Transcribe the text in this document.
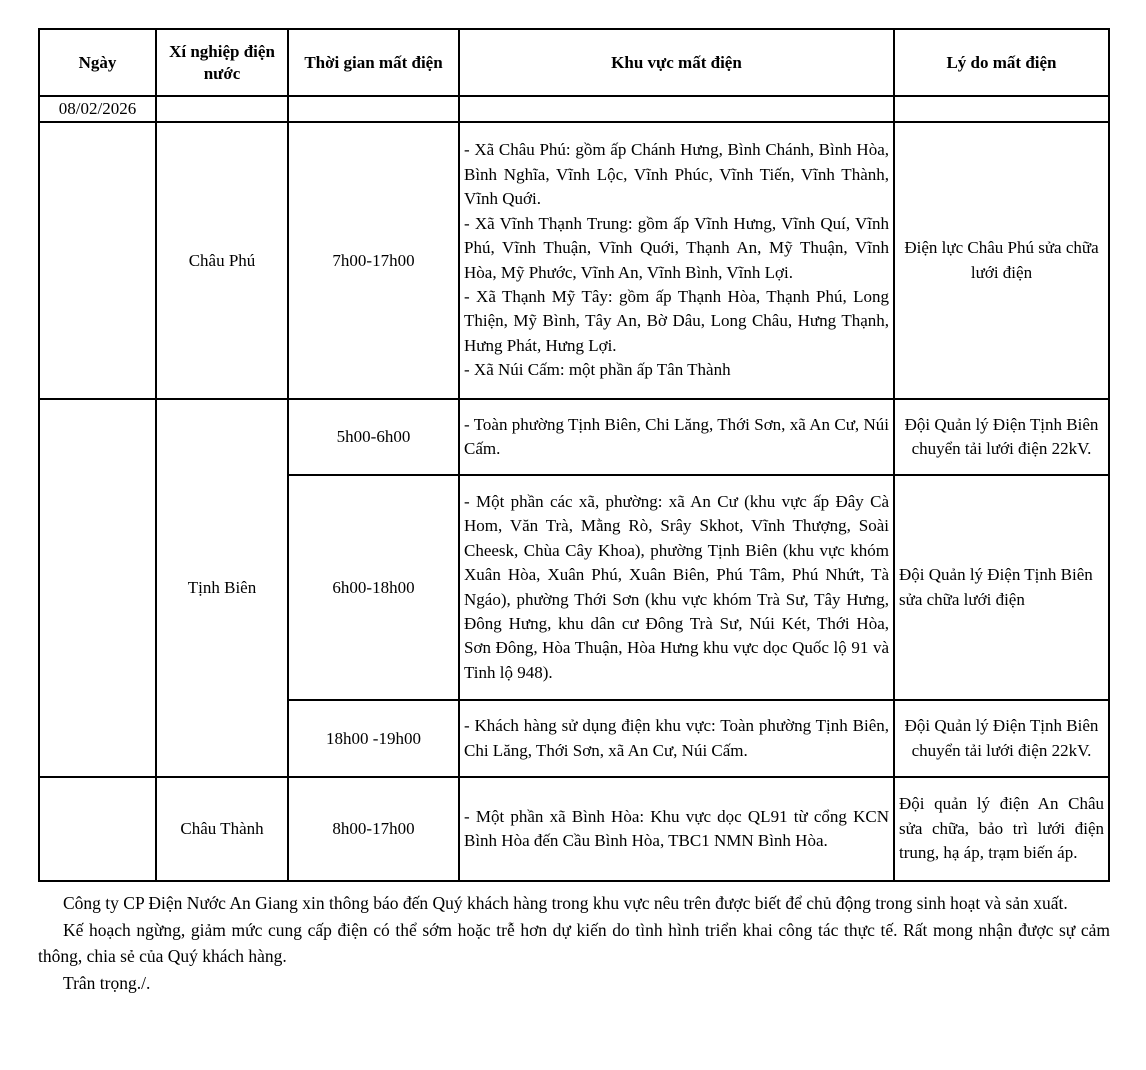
Ngày	Xí nghiệp điện nước	Thời gian mất điện	Khu vực mất điện	Lý do mất điện
08/02/2026				
	Châu Phú	7h00-17h00	- Xã Châu Phú: gồm ấp Chánh Hưng, Bình Chánh, Bình Hòa, Bình Nghĩa, Vĩnh Lộc, Vĩnh Phúc, Vĩnh Tiến, Vĩnh Thành, Vĩnh Quới.
- Xã Vĩnh Thạnh Trung: gồm ấp Vĩnh Hưng, Vĩnh Quí, Vĩnh Phú, Vĩnh Thuận, Vĩnh Quới, Thạnh An, Mỹ Thuận, Vĩnh Hòa, Mỹ Phước, Vĩnh An, Vĩnh Bình, Vĩnh Lợi.
- Xã Thạnh Mỹ Tây: gồm ấp Thạnh Hòa, Thạnh Phú, Long Thiện, Mỹ Bình, Tây An, Bờ Dâu, Long Châu, Hưng Thạnh, Hưng Phát, Hưng Lợi.
- Xã Núi Cấm: một phần ấp Tân Thành	Điện lực Châu Phú sửa chữa lưới điện
	Tịnh Biên	5h00-6h00	- Toàn phường Tịnh Biên, Chi Lăng, Thới Sơn, xã An Cư, Núi Cấm.	Đội Quản lý Điện Tịnh Biên chuyển tải lưới điện 22kV.
		6h00-18h00	- Một phần các xã, phường: xã An Cư (khu vực ấp Đây Cà Hom, Văn Trà, Mằng Rò, Srây Skhot, Vĩnh Thượng, Soài Cheesk, Chùa Cây Khoa), phường Tịnh Biên (khu vực khóm Xuân Hòa, Xuân Phú, Xuân Biên, Phú Tâm, Phú Nhứt, Tà Ngáo), phường Thới Sơn (khu vực khóm Trà Sư, Tây Hưng, Đông Hưng, khu dân cư Đông Trà Sư, Núi Két, Thới Hòa, Sơn Đông, Hòa Thuận, Hòa Hưng khu vực dọc Quốc lộ 91 và Tinh lộ 948).	Đội Quản lý Điện Tịnh Biên sửa chữa lưới điện
		18h00 -19h00	- Khách hàng sử dụng điện khu vực: Toàn phường Tịnh Biên, Chi Lăng, Thới Sơn, xã An Cư, Núi Cấm.	Đội Quản lý Điện Tịnh Biên chuyển tải lưới điện 22kV.
	Châu Thành	8h00-17h00	- Một phần xã Bình Hòa: Khu vực dọc QL91 từ cổng KCN Bình Hòa đến Cầu Bình Hòa, TBC1 NMN Bình Hòa.	Đội quản lý điện An Châu sửa chữa, bảo trì lưới điện trung, hạ áp, trạm biến áp.

Công ty CP Điện Nước An Giang xin thông báo đến Quý khách hàng trong khu vực nêu trên được biết để chủ động trong sinh hoạt và sản xuất.

Kế hoạch ngừng, giảm mức cung cấp điện có thể sớm hoặc trễ hơn dự kiến do tình hình triển khai công tác thực tế. Rất mong nhận được sự cảm thông, chia sẻ của Quý khách hàng.

Trân trọng./.
